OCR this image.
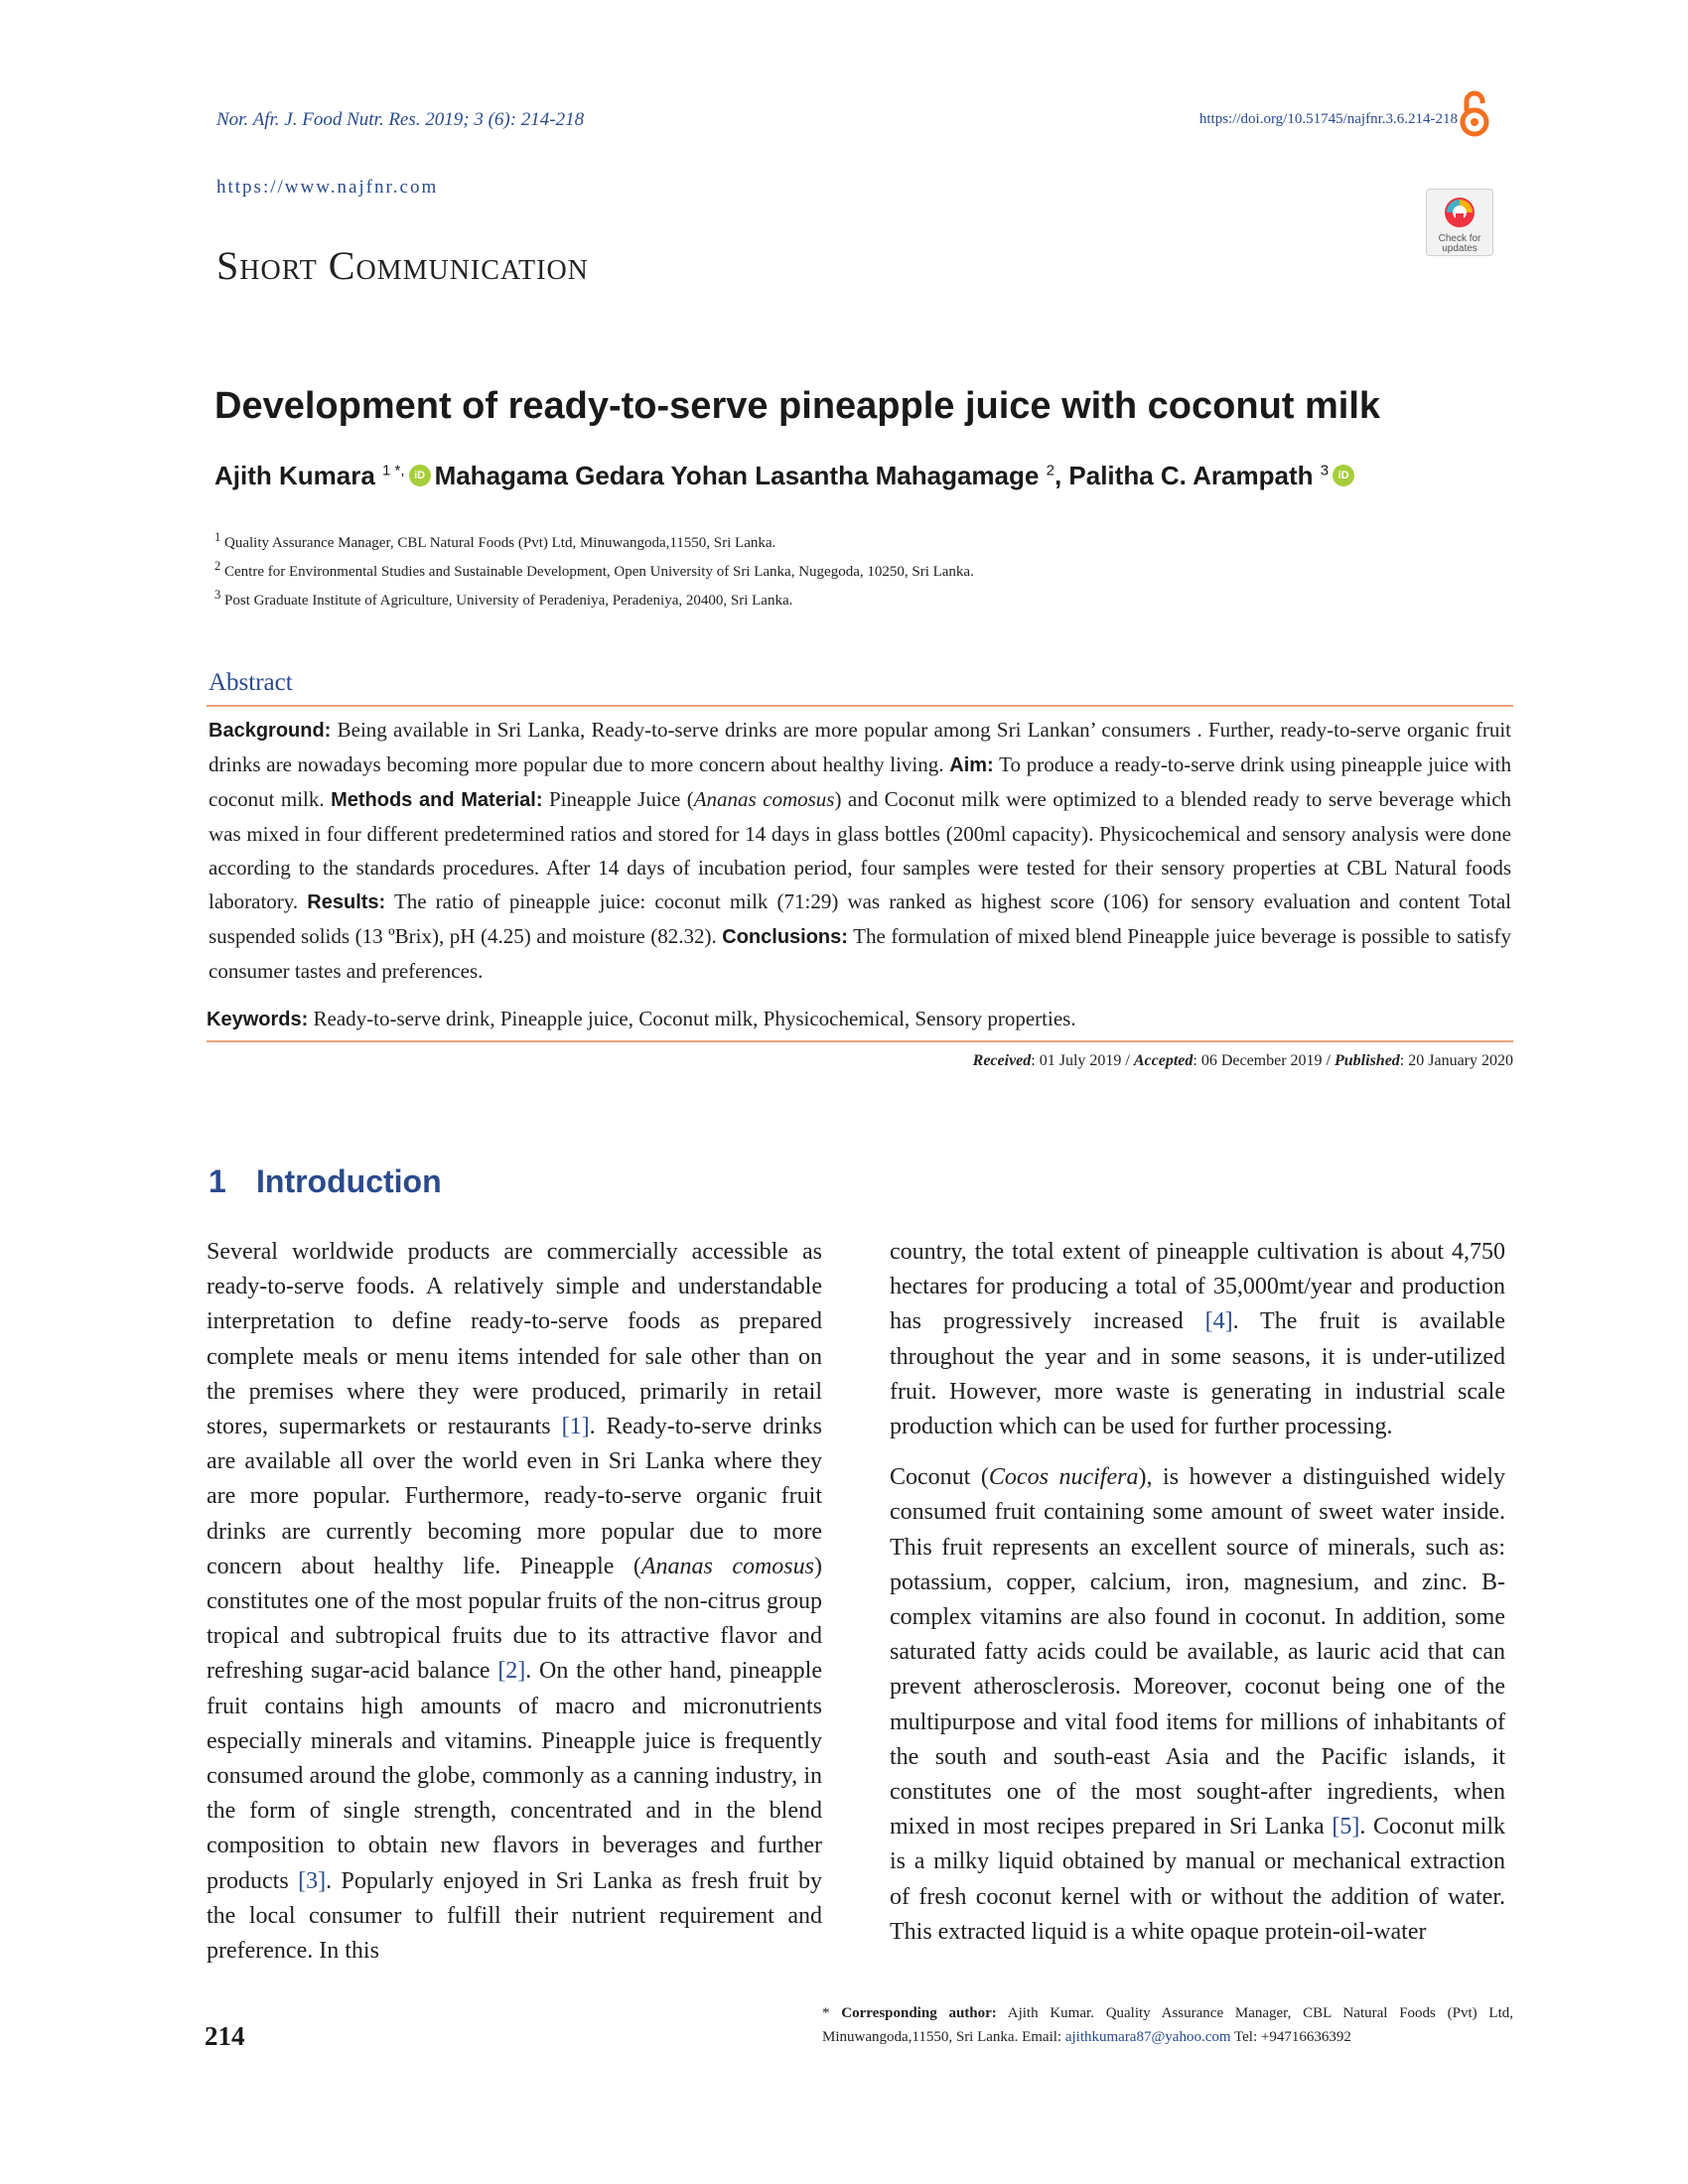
Nor. Afr. J. Food Nutr. Res. 2019; 3 (6): 214-218	https://doi.org/10.51745/najfnr.3.6.214-218
https://www.najfnr.com
Check for
updates
Short Communication
Development of ready-to-serve pineapple juice with coconut milk
Ajith Kumara $^{1 *,}$ iD Mahagama Gedara Yohan Lasantha Mahagamage $^2$, Palitha C. Arampath $^3$ iD
$^1$ Quality Assurance Manager, CBL Natural Foods (Pvt) Ltd, Minuwangoda,11550, Sri Lanka.
$^2$ Centre for Environmental Studies and Sustainable Development, Open University of Sri Lanka, Nugegoda, 10250, Sri Lanka.
$^3$ Post Graduate Institute of Agriculture, University of Peradeniya, Peradeniya, 20400, Sri Lanka.
Abstract
Background: Being available in Sri Lanka, Ready-to-serve drinks are more popular among Sri Lankan’ consumers . Further, ready-to-serve organic fruit drinks are nowadays becoming more popular due to more concern about healthy living. Aim: To produce a ready-to-serve drink using pineapple juice with coconut milk. Methods and Material: Pineapple Juice (Ananas comosus) and Coconut milk were optimized to a blended ready to serve beverage which was mixed in four different predetermined ratios and stored for 14 days in glass bottles (200ml capacity). Physicochemical and sensory analysis were done according to the standards procedures. After 14 days of incubation period, four samples were tested for their sensory properties at CBL Natural foods laboratory. Results: The ratio of pineapple juice: coconut milk (71:29) was ranked as highest score (106) for sensory evaluation and content Total suspended solids (13 ºBrix), pH (4.25) and moisture (82.32). Conclusions: The formulation of mixed blend Pineapple juice beverage is possible to satisfy consumer tastes and preferences.
Keywords: Ready-to-serve drink, Pineapple juice, Coconut milk, Physicochemical, Sensory properties.
Received: 01 July 2019 / Accepted: 06 December 2019 / Published: 20 January 2020
1 Introduction

Several worldwide products are commercially accessible as ready-to-serve foods. A relatively simple and understandable interpretation to define ready-to-serve foods as prepared complete meals or menu items intended for sale other than on the premises where they were produced, primarily in retail stores, supermarkets or restaurants [1]. Ready-to-serve drinks are available all over the world even in Sri Lanka where they are more popular. Furthermore, ready-to-serve organic fruit drinks are currently becoming more popular due to more concern about healthy life. Pineapple (Ananas comosus) constitutes one of the most popular fruits of the non-citrus group tropical and subtropical fruits due to its attractive flavor and refreshing sugar-acid balance [2]. On the other hand, pineapple fruit contains high amounts of macro and micronutrients especially minerals and vitamins. Pineapple juice is frequently consumed around the globe, commonly as a canning industry, in the form of single strength, concentrated and in the blend composition to obtain new flavors in beverages and further products [3]. Popularly enjoyed in Sri Lanka as fresh fruit by the local consumer to fulfill their nutrient requirement and preference. In this

country, the total extent of pineapple cultivation is about 4,750 hectares for producing a total of 35,000mt/year and production has progressively increased [4]. The fruit is available throughout the year and in some seasons, it is under-utilized fruit. However, more waste is generating in industrial scale production which can be used for further processing.

Coconut (Cocos nucifera), is however a distinguished widely consumed fruit containing some amount of sweet water inside. This fruit represents an excellent source of minerals, such as: potassium, copper, calcium, iron, magnesium, and zinc. B-complex vitamins are also found in coconut. In addition, some saturated fatty acids could be available, as lauric acid that can prevent atherosclerosis. Moreover, coconut being one of the multipurpose and vital food items for millions of inhabitants of the south and south-east Asia and the Pacific islands, it constitutes one of the most sought-after ingredients, when mixed in most recipes prepared in Sri Lanka [5]. Coconut milk is a milky liquid obtained by manual or mechanical extraction of fresh coconut kernel with or without the addition of water. This extracted liquid is a white opaque protein-oil-water

214
* Corresponding author: Ajith Kumar. Quality Assurance Manager, CBL Natural Foods (Pvt) Ltd, Minuwangoda,11550, Sri Lanka. Email: ajithkumara87@yahoo.com Tel: +94716636392
